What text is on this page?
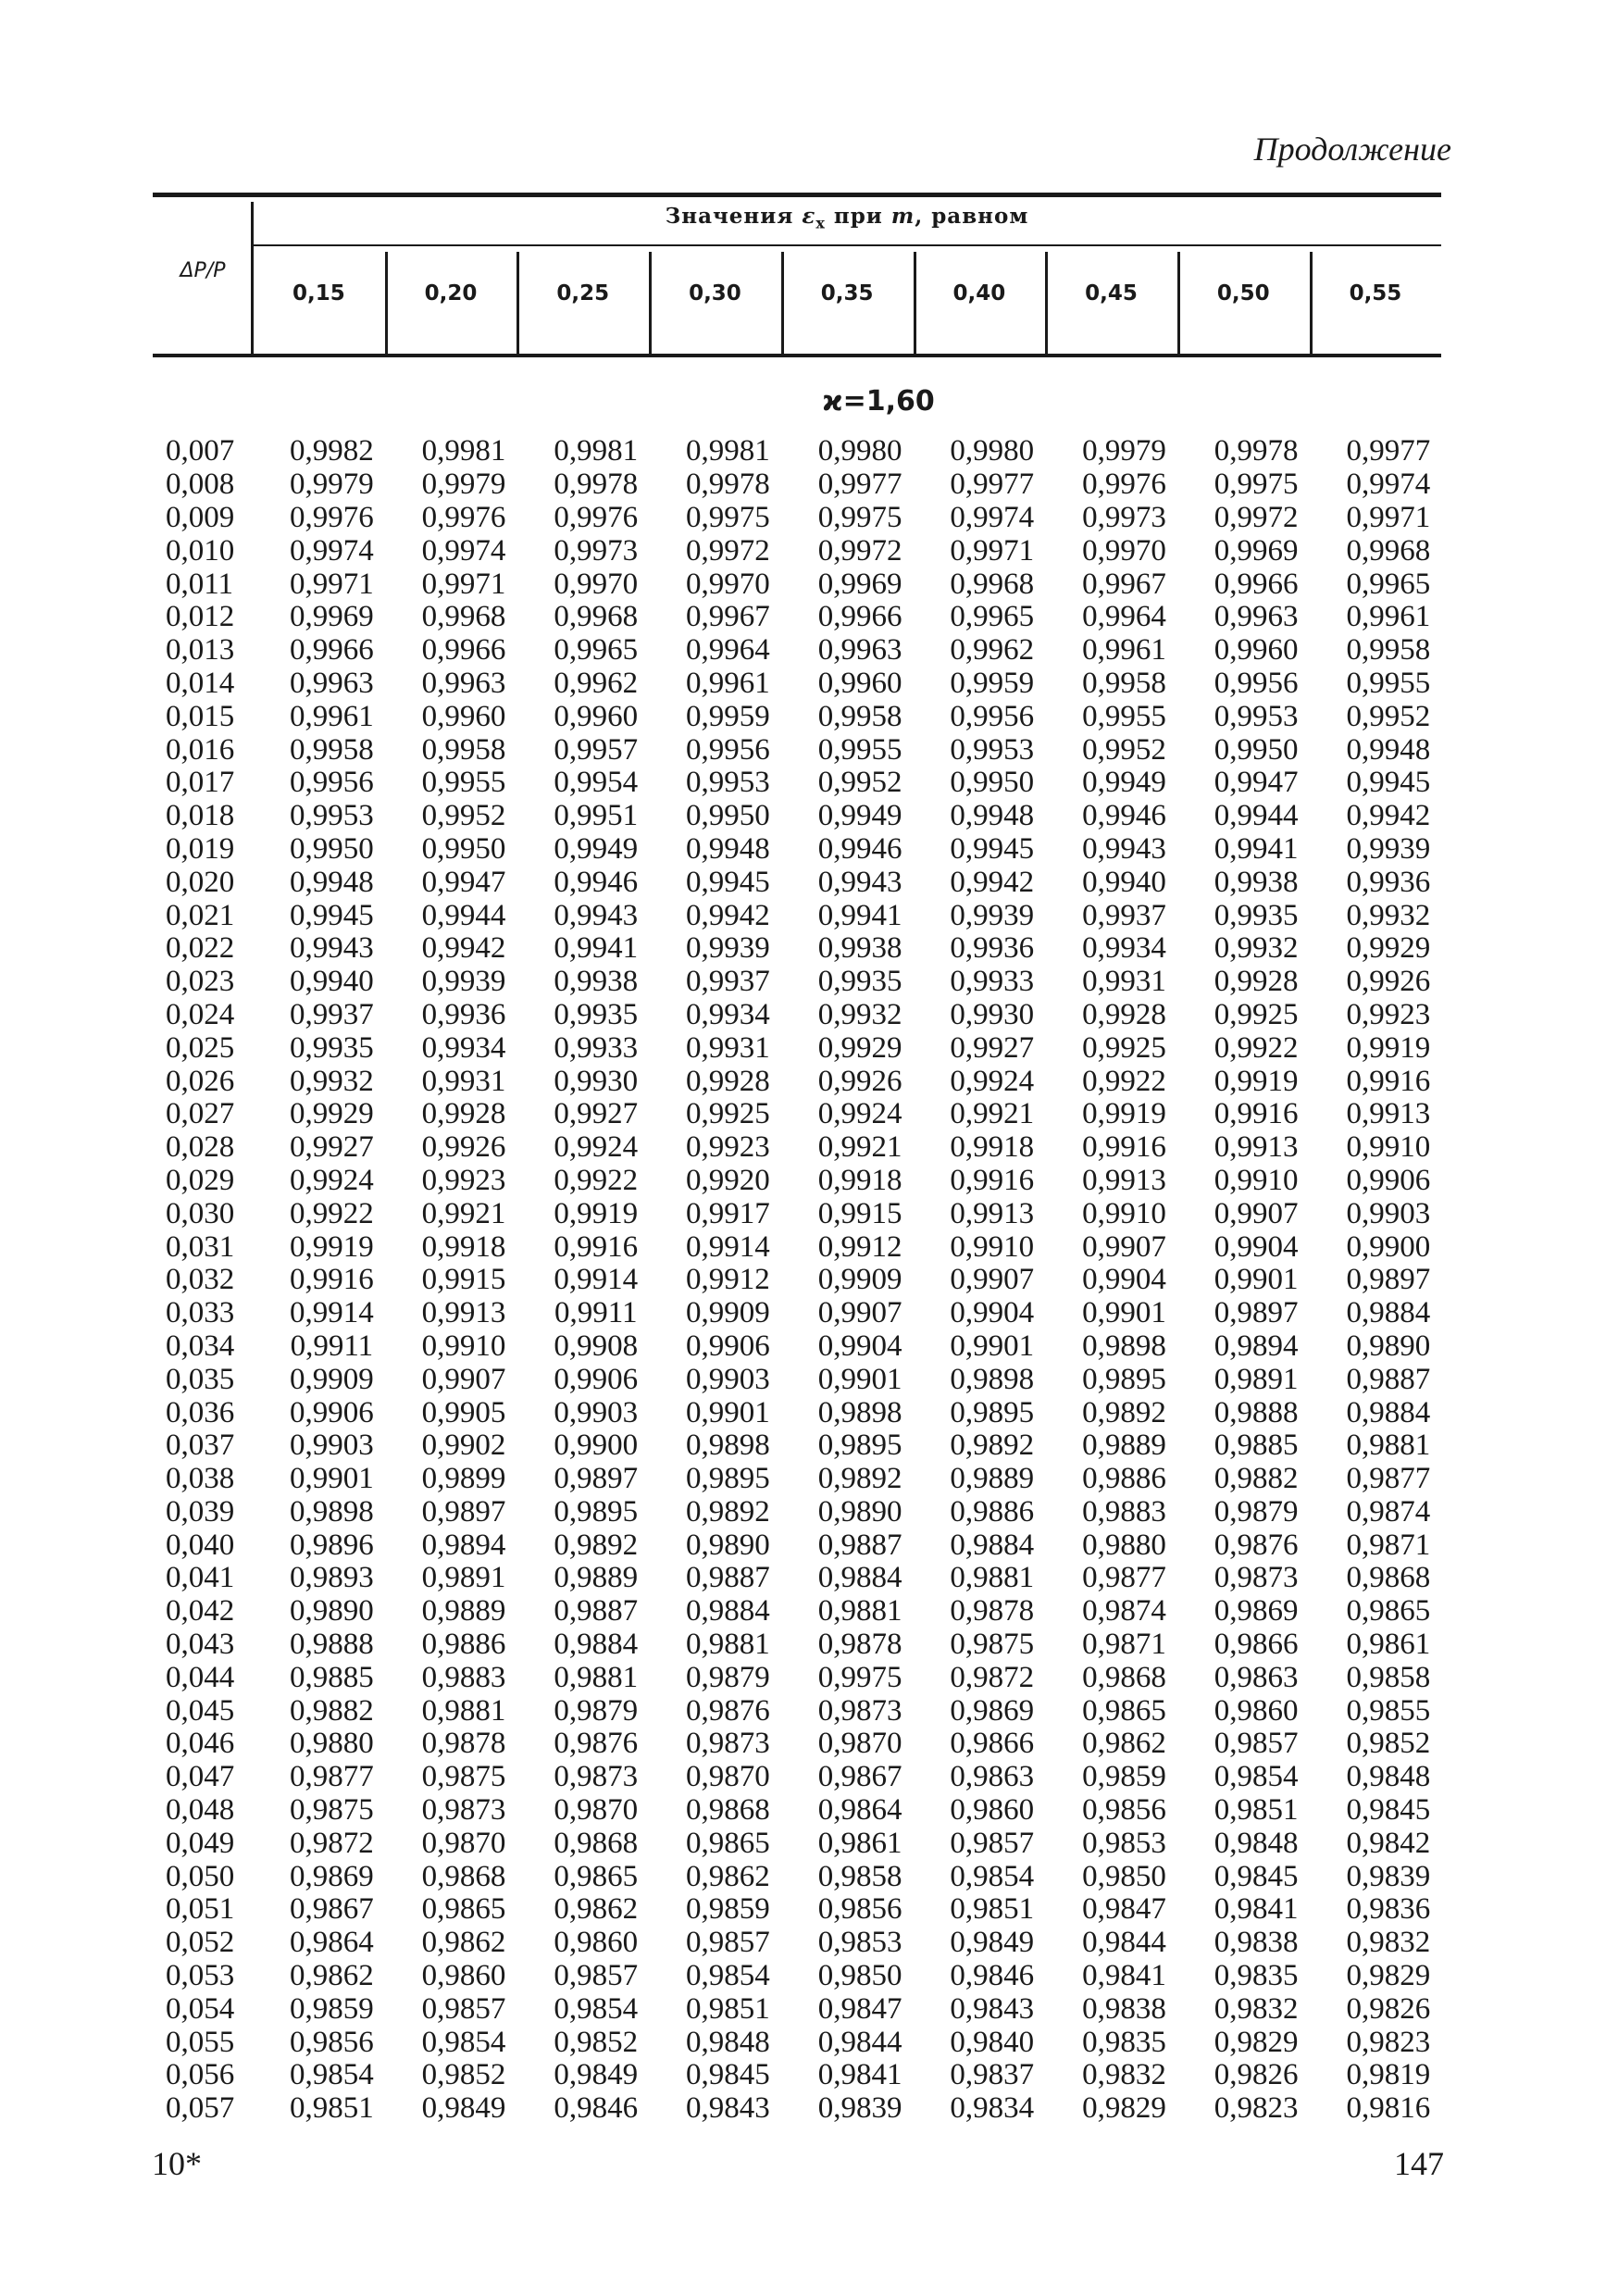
Продолжение
Значения $\varepsilon_x$ при m, равном
ΔP/P
0,15	0,20	0,25	0,30	0,35	0,40	0,45	0,50	0,55
ϰ=1,60
0,007	0,9982	0,9981	0,9981	0,9981	0,9980	0,9980	0,9979	0,9978	0,9977
0,008	0,9979	0,9979	0,9978	0,9978	0,9977	0,9977	0,9976	0,9975	0,9974
0,009	0,9976	0,9976	0,9976	0,9975	0,9975	0,9974	0,9973	0,9972	0,9971
0,010	0,9974	0,9974	0,9973	0,9972	0,9972	0,9971	0,9970	0,9969	0,9968
0,011	0,9971	0,9971	0,9970	0,9970	0,9969	0,9968	0,9967	0,9966	0,9965
0,012	0,9969	0,9968	0,9968	0,9967	0,9966	0,9965	0,9964	0,9963	0,9961
0,013	0,9966	0,9966	0,9965	0,9964	0,9963	0,9962	0,9961	0,9960	0,9958
0,014	0,9963	0,9963	0,9962	0,9961	0,9960	0,9959	0,9958	0,9956	0,9955
0,015	0,9961	0,9960	0,9960	0,9959	0,9958	0,9956	0,9955	0,9953	0,9952
0,016	0,9958	0,9958	0,9957	0,9956	0,9955	0,9953	0,9952	0,9950	0,9948
0,017	0,9956	0,9955	0,9954	0,9953	0,9952	0,9950	0,9949	0,9947	0,9945
0,018	0,9953	0,9952	0,9951	0,9950	0,9949	0,9948	0,9946	0,9944	0,9942
0,019	0,9950	0,9950	0,9949	0,9948	0,9946	0,9945	0,9943	0,9941	0,9939
0,020	0,9948	0,9947	0,9946	0,9945	0,9943	0,9942	0,9940	0,9938	0,9936
0,021	0,9945	0,9944	0,9943	0,9942	0,9941	0,9939	0,9937	0,9935	0,9932
0,022	0,9943	0,9942	0,9941	0,9939	0,9938	0,9936	0,9934	0,9932	0,9929
0,023	0,9940	0,9939	0,9938	0,9937	0,9935	0,9933	0,9931	0,9928	0,9926
0,024	0,9937	0,9936	0,9935	0,9934	0,9932	0,9930	0,9928	0,9925	0,9923
0,025	0,9935	0,9934	0,9933	0,9931	0,9929	0,9927	0,9925	0,9922	0,9919
0,026	0,9932	0,9931	0,9930	0,9928	0,9926	0,9924	0,9922	0,9919	0,9916
0,027	0,9929	0,9928	0,9927	0,9925	0,9924	0,9921	0,9919	0,9916	0,9913
0,028	0,9927	0,9926	0,9924	0,9923	0,9921	0,9918	0,9916	0,9913	0,9910
0,029	0,9924	0,9923	0,9922	0,9920	0,9918	0,9916	0,9913	0,9910	0,9906
0,030	0,9922	0,9921	0,9919	0,9917	0,9915	0,9913	0,9910	0,9907	0,9903
0,031	0,9919	0,9918	0,9916	0,9914	0,9912	0,9910	0,9907	0,9904	0,9900
0,032	0,9916	0,9915	0,9914	0,9912	0,9909	0,9907	0,9904	0,9901	0,9897
0,033	0,9914	0,9913	0,9911	0,9909	0,9907	0,9904	0,9901	0,9897	0,9884
0,034	0,9911	0,9910	0,9908	0,9906	0,9904	0,9901	0,9898	0,9894	0,9890
0,035	0,9909	0,9907	0,9906	0,9903	0,9901	0,9898	0,9895	0,9891	0,9887
0,036	0,9906	0,9905	0,9903	0,9901	0,9898	0,9895	0,9892	0,9888	0,9884
0,037	0,9903	0,9902	0,9900	0,9898	0,9895	0,9892	0,9889	0,9885	0,9881
0,038	0,9901	0,9899	0,9897	0,9895	0,9892	0,9889	0,9886	0,9882	0,9877
0,039	0,9898	0,9897	0,9895	0,9892	0,9890	0,9886	0,9883	0,9879	0,9874
0,040	0,9896	0,9894	0,9892	0,9890	0,9887	0,9884	0,9880	0,9876	0,9871
0,041	0,9893	0,9891	0,9889	0,9887	0,9884	0,9881	0,9877	0,9873	0,9868
0,042	0,9890	0,9889	0,9887	0,9884	0,9881	0,9878	0,9874	0,9869	0,9865
0,043	0,9888	0,9886	0,9884	0,9881	0,9878	0,9875	0,9871	0,9866	0,9861
0,044	0,9885	0,9883	0,9881	0,9879	0,9975	0,9872	0,9868	0,9863	0,9858
0,045	0,9882	0,9881	0,9879	0,9876	0,9873	0,9869	0,9865	0,9860	0,9855
0,046	0,9880	0,9878	0,9876	0,9873	0,9870	0,9866	0,9862	0,9857	0,9852
0,047	0,9877	0,9875	0,9873	0,9870	0,9867	0,9863	0,9859	0,9854	0,9848
0,048	0,9875	0,9873	0,9870	0,9868	0,9864	0,9860	0,9856	0,9851	0,9845
0,049	0,9872	0,9870	0,9868	0,9865	0,9861	0,9857	0,9853	0,9848	0,9842
0,050	0,9869	0,9868	0,9865	0,9862	0,9858	0,9854	0,9850	0,9845	0,9839
0,051	0,9867	0,9865	0,9862	0,9859	0,9856	0,9851	0,9847	0,9841	0,9836
0,052	0,9864	0,9862	0,9860	0,9857	0,9853	0,9849	0,9844	0,9838	0,9832
0,053	0,9862	0,9860	0,9857	0,9854	0,9850	0,9846	0,9841	0,9835	0,9829
0,054	0,9859	0,9857	0,9854	0,9851	0,9847	0,9843	0,9838	0,9832	0,9826
0,055	0,9856	0,9854	0,9852	0,9848	0,9844	0,9840	0,9835	0,9829	0,9823
0,056	0,9854	0,9852	0,9849	0,9845	0,9841	0,9837	0,9832	0,9826	0,9819
0,057	0,9851	0,9849	0,9846	0,9843	0,9839	0,9834	0,9829	0,9823	0,9816
10*	147
